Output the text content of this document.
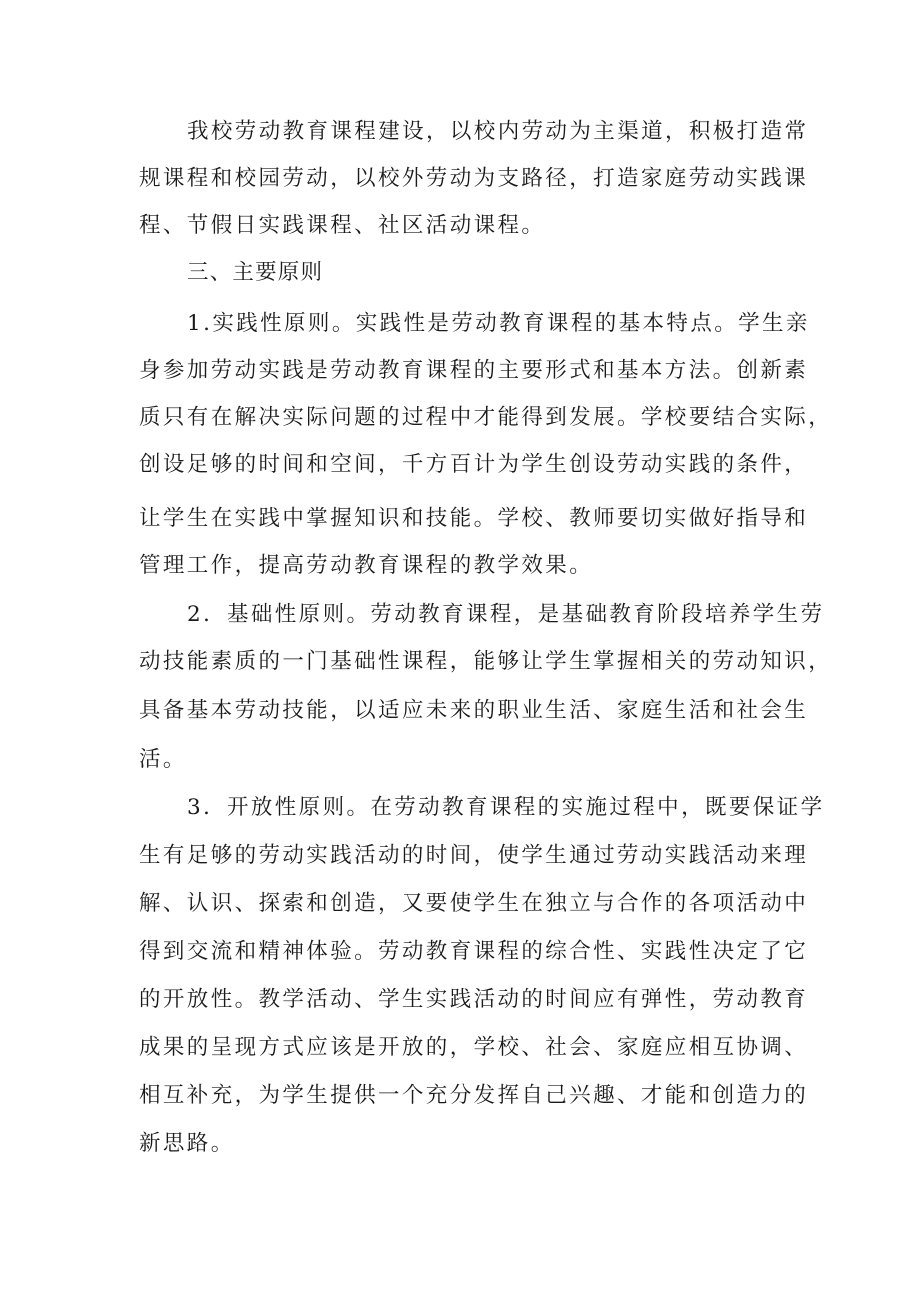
我校劳动教育课程建设，以校内劳动为主渠道，积极打造常

规课程和校园劳动，以校外劳动为支路径，打造家庭劳动实践课

程、节假日实践课程、社区活动课程。

三、主要原则

1.实践性原则。实践性是劳动教育课程的基本特点。学生亲

身参加劳动实践是劳动教育课程的主要形式和基本方法。创新素

质只有在解决实际问题的过程中才能得到发展。学校要结合实际，

创设足够的时间和空间，千方百计为学生创设劳动实践的条件，

让学生在实践中掌握知识和技能。学校、教师要切实做好指导和

管理工作，提高劳动教育课程的教学效果。

2．基础性原则。劳动教育课程，是基础教育阶段培养学生劳

动技能素质的一门基础性课程，能够让学生掌握相关的劳动知识，

具备基本劳动技能，以适应未来的职业生活、家庭生活和社会生

活。

3．开放性原则。在劳动教育课程的实施过程中，既要保证学

生有足够的劳动实践活动的时间，使学生通过劳动实践活动来理

解、认识、探索和创造，又要使学生在独立与合作的各项活动中

得到交流和精神体验。劳动教育课程的综合性、实践性决定了它

的开放性。教学活动、学生实践活动的时间应有弹性，劳动教育

成果的呈现方式应该是开放的，学校、社会、家庭应相互协调、

相互补充，为学生提供一个充分发挥自己兴趣、才能和创造力的

新思路。
